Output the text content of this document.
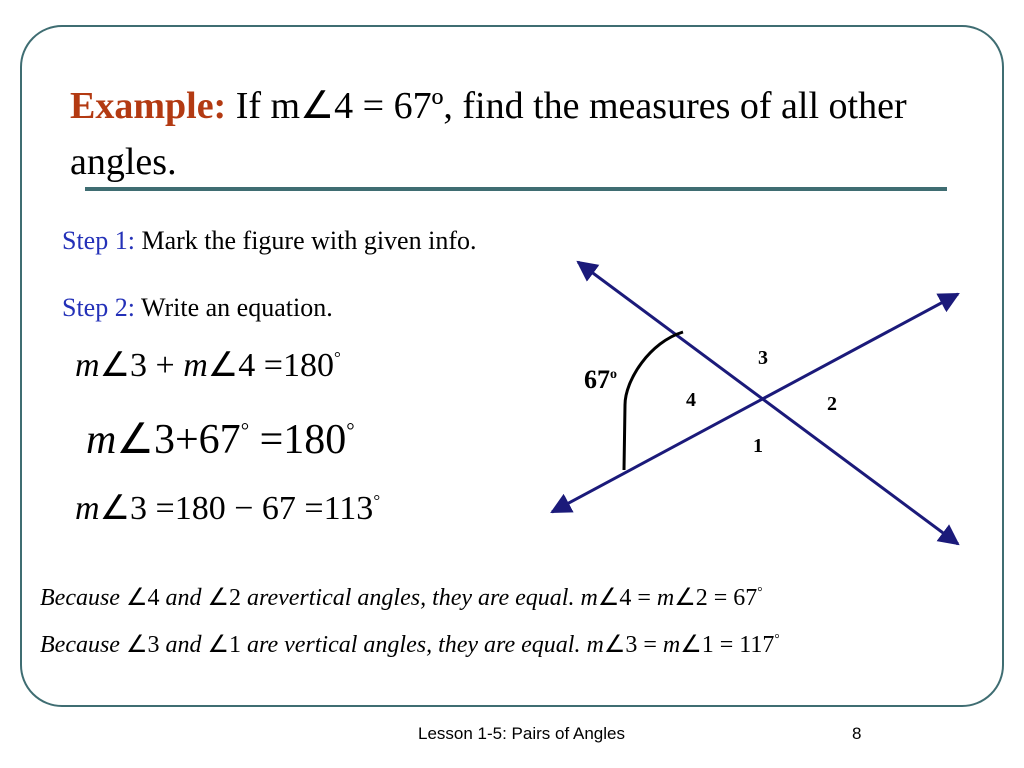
Example: If m∠4 = 67º, find the measures of all other angles.
Step 1: Mark the figure with given info.
Step 2: Write an equation.
m∠3 + m∠4 =180°
m∠3+67° =180°
m∠3 =180 − 67 =113°
67$^o$
3
4	2
1
Because ∠4 and ∠2 arevertical angles, they are equal. m∠4 = m∠2 = 67°
Because ∠3 and ∠1 are vertical angles, they are equal. m∠3 = m∠1 = 117°
Lesson 1-5: Pairs of Angles	8
